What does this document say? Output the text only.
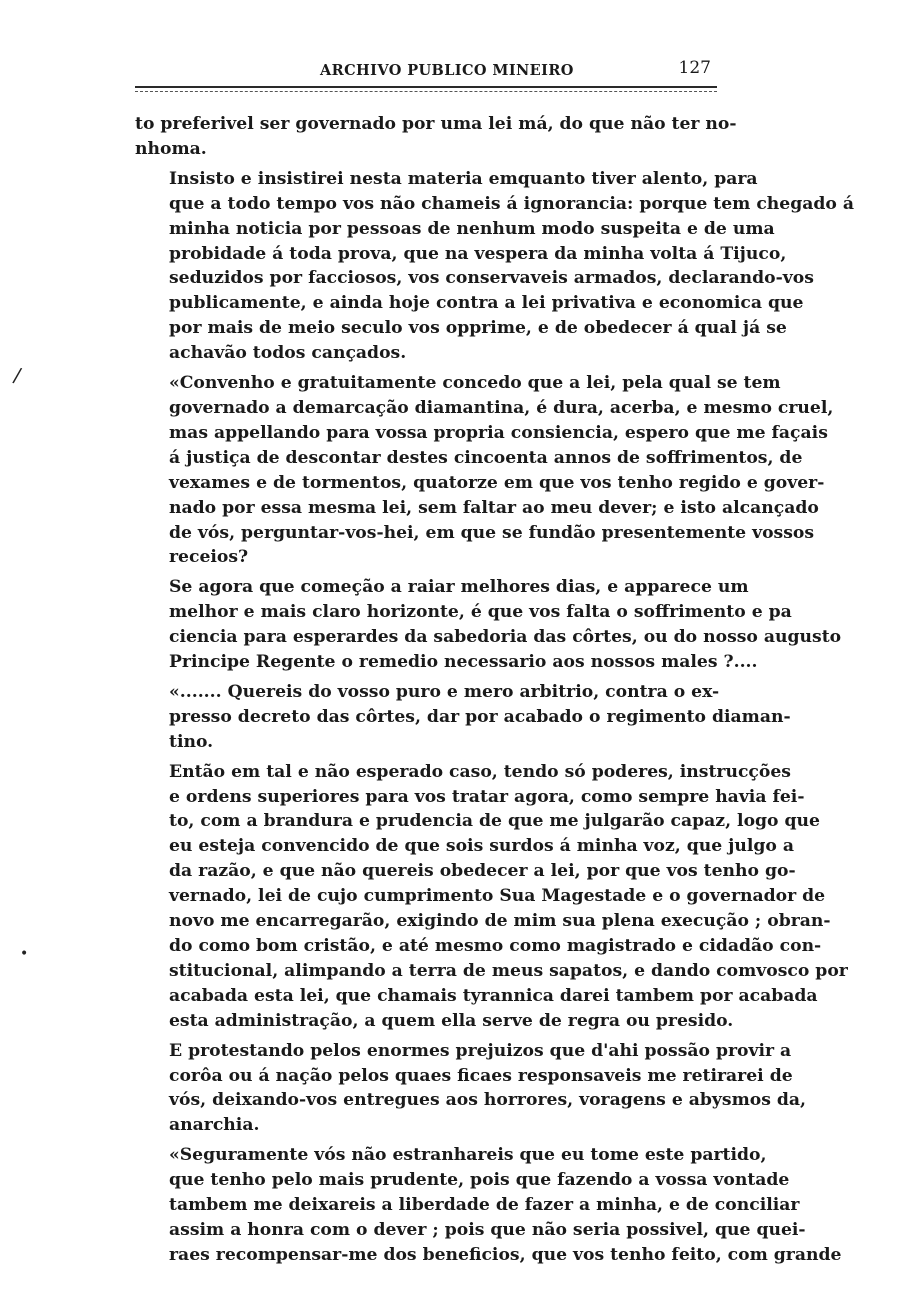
ARCHIVO PUBLICO MINEIRO	127
/
•
to preferivel ser governado por uma lei má, do que não ter no-
nhoma.
Insisto e insistirei nesta materia emquanto tiver alento, para
que a todo tempo vos não chameis á ignorancia: porque tem chegado á
minha noticia por pessoas de nenhum modo suspeita e de uma
probidade á toda prova, que na vespera da minha volta á Tijuco,
seduzidos por facciosos, vos conservaveis armados, declarando-vos
publicamente, e ainda hoje contra a lei privativa e economica que
por mais de meio seculo vos opprime, e de obedecer á qual já se
achavão todos cançados.
«Convenho e gratuitamente concedo que a lei, pela qual se tem
governado a demarcação diamantina, é dura, acerba, e mesmo cruel,
mas appellando para vossa propria consiencia, espero que me façais
á justiça de descontar destes cincoenta annos de soffrimentos, de
vexames e de tormentos, quatorze em que vos tenho regido e gover-
nado por essa mesma lei, sem faltar ao meu dever; e isto alcançado
de vós, perguntar-vos-hei, em que se fundão presentemente vossos
receios?
Se agora que começão a raiar melhores dias, e apparece um
melhor e mais claro horizonte, é que vos falta o soffrimento e pa
ciencia para esperardes da sabedoria das côrtes, ou do nosso augusto
Principe Regente o remedio necessario aos nossos males ?....
«....... Quereis do vosso puro e mero arbitrio, contra o ex-
presso decreto das côrtes, dar por acabado o regimento diaman-
tino.
Então em tal e não esperado caso, tendo só poderes, instrucções
e ordens superiores para vos tratar agora, como sempre havia fei-
to, com a brandura e prudencia de que me julgarão capaz, logo que
eu esteja convencido de que sois surdos á minha voz, que julgo a
da razão, e que não quereis obedecer a lei, por que vos tenho go-
vernado, lei de cujo cumprimento Sua Magestade e o governador de
novo me encarregarão, exigindo de mim sua plena execução ; obran-
do como bom cristão, e até mesmo como magistrado e cidadão con-
stitucional, alimpando a terra de meus sapatos, e dando comvosco por
acabada esta lei, que chamais tyrannica darei tambem por acabada
esta administração, a quem ella serve de regra ou presido.
E protestando pelos enormes prejuizos que d'ahi possão provir a
corôa ou á nação pelos quaes ficaes responsaveis me retirarei de
vós, deixando-vos entregues aos horrores, voragens e abysmos da,
anarchia.
«Seguramente vós não estranhareis que eu tome este partido,
que tenho pelo mais prudente, pois que fazendo a vossa vontade
tambem me deixareis a liberdade de fazer a minha, e de conciliar
assim a honra com o dever ; pois que não seria possivel, que quei-
raes recompensar-me dos beneficios, que vos tenho feito, com grande
